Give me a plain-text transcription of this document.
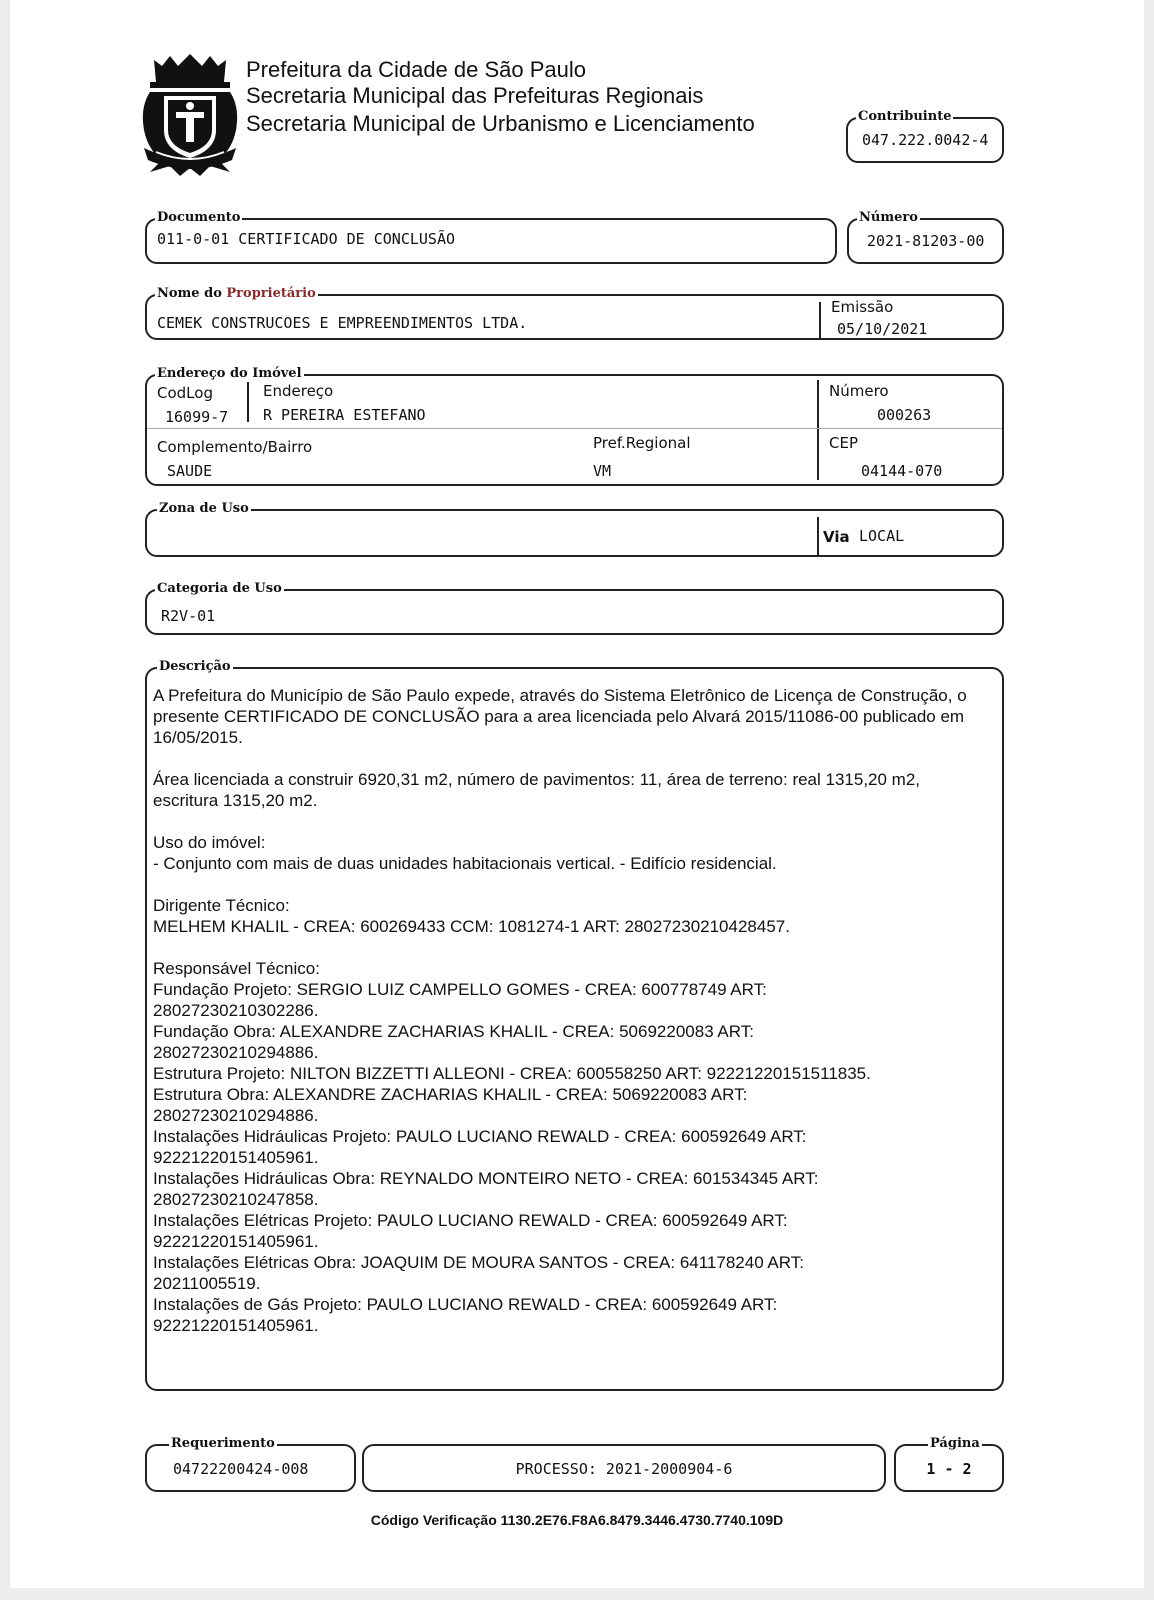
Prefeitura da Cidade de São Paulo
Secretaria Municipal das Prefeituras Regionais
Secretaria Municipal de Urbanismo e Licenciamento	Contribuinte
047.222.0042-4
Documento
011-0-01 CERTIFICADO DE CONCLUSÃO
Número
2021-81203-00
Nome do Proprietário
CEMEK CONSTRUCOES E EMPREENDIMENTOS LTDA.
Emissão
05/10/2021
Endereço do Imóvel
CodLog
16099-7
Endereço
R PEREIRA ESTEFANO
Número
000263
Complemento/Bairro
SAUDE
Pref.Regional
VM
CEP
04144-070
Zona de Uso
Via LOCAL
Categoria de Uso
R2V-01
Descrição

A Prefeitura do Município de São Paulo expede, através do Sistema Eletrônico de Licença de Construção, o presente CERTIFICADO DE CONCLUSÃO para a area licenciada pelo Alvará 2015/11086-00 publicado em 16/05/2015.

Área licenciada a construir 6920,31 m2, número de pavimentos: 11, área de terreno: real 1315,20 m2, escritura 1315,20 m2.

Uso do imóvel:

- Conjunto com mais de duas unidades habitacionais vertical. - Edifício residencial.

Dirigente Técnico:

MELHEM KHALIL - CREA: 600269433 CCM: 1081274-1 ART: 28027230210428457.

Responsável Técnico:

Fundação Projeto: SERGIO LUIZ CAMPELLO GOMES - CREA: 600778749 ART:

28027230210302286.

Fundação Obra: ALEXANDRE ZACHARIAS KHALIL - CREA: 5069220083 ART:

28027230210294886.

Estrutura Projeto: NILTON BIZZETTI ALLEONI - CREA: 600558250 ART: 92221220151511835.

Estrutura Obra: ALEXANDRE ZACHARIAS KHALIL - CREA: 5069220083 ART:

28027230210294886.

Instalações Hidráulicas Projeto: PAULO LUCIANO REWALD - CREA: 600592649 ART:

92221220151405961.

Instalações Hidráulicas Obra: REYNALDO MONTEIRO NETO - CREA: 601534345 ART:

28027230210247858.

Instalações Elétricas Projeto: PAULO LUCIANO REWALD - CREA: 600592649 ART:

92221220151405961.

Instalações Elétricas Obra: JOAQUIM DE MOURA SANTOS - CREA: 641178240 ART:

20211005519.

Instalações de Gás Projeto: PAULO LUCIANO REWALD - CREA: 600592649 ART:

92221220151405961.

Requerimento
04722200424-008	PROCESSO: 2021-2000904-6
Página
1 - 2
Código Verificação 1130.2E76.F8A6.8479.3446.4730.7740.109D
